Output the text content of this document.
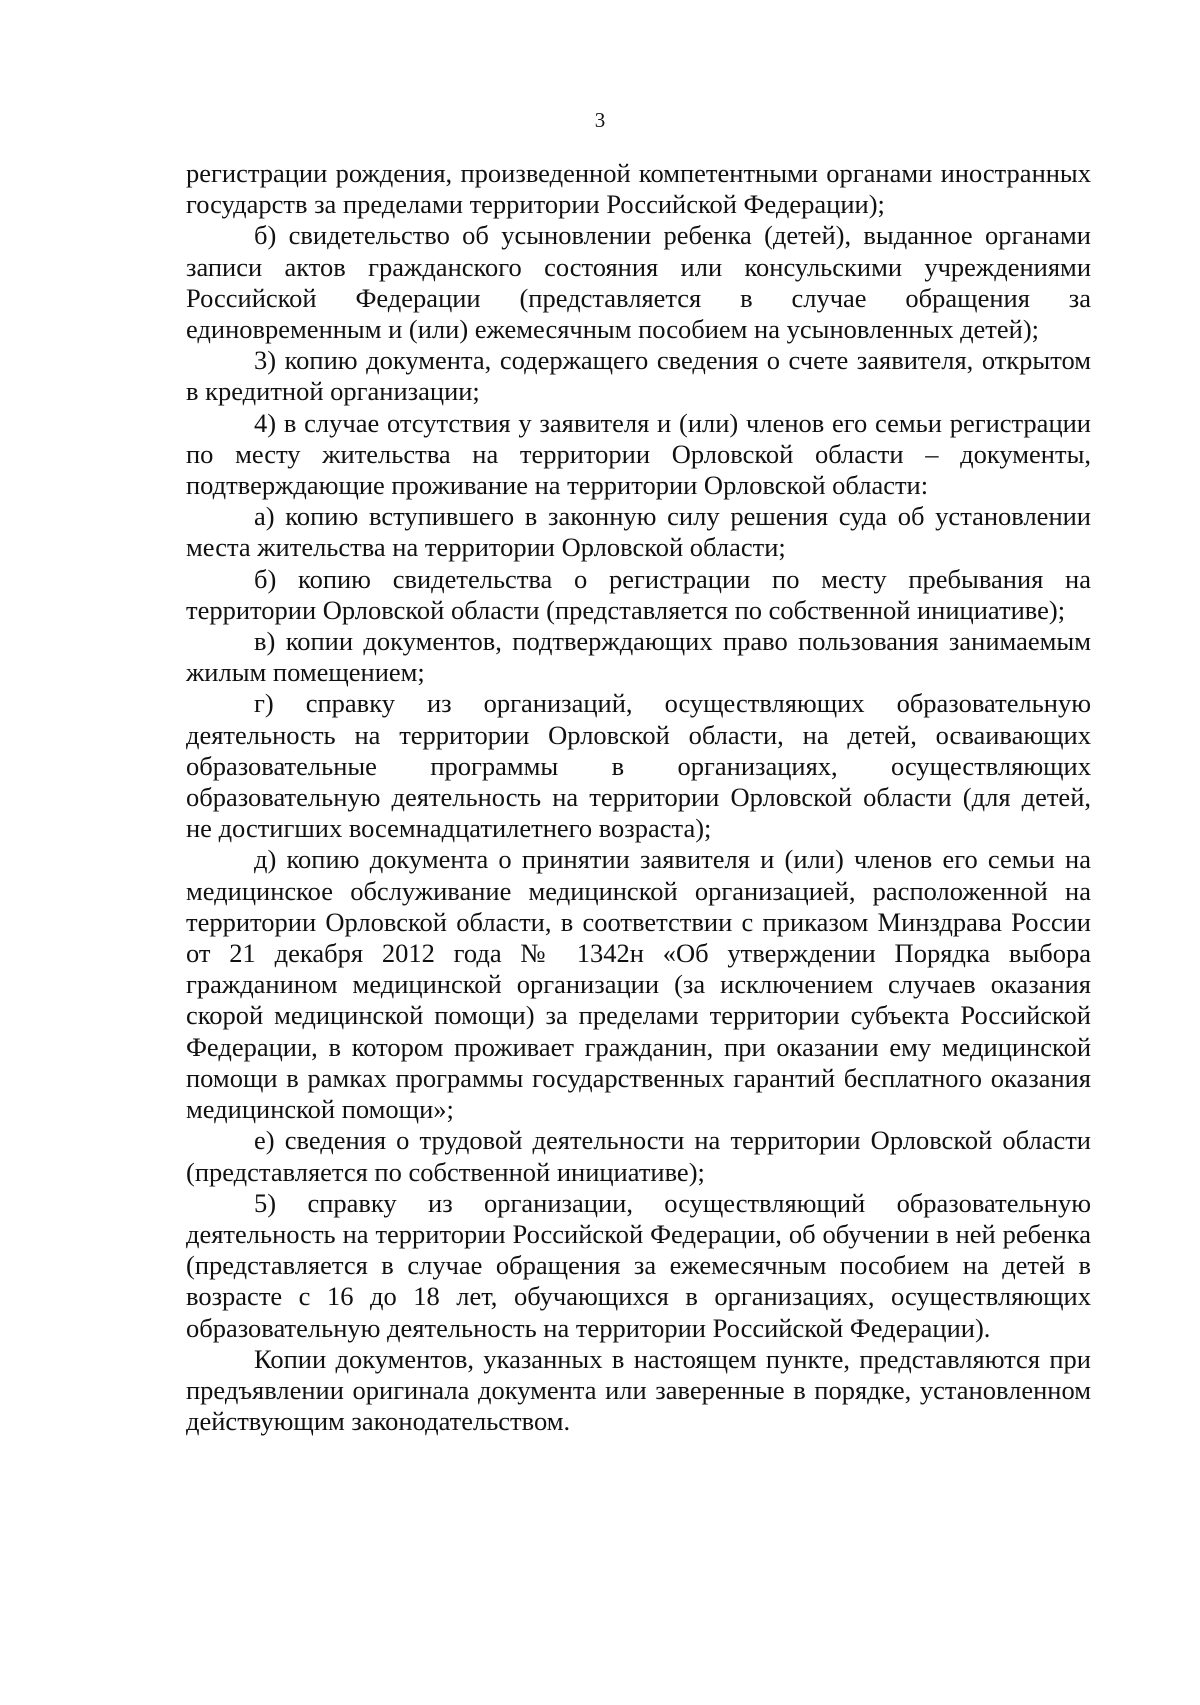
3

регистрации рождения, произведенной компетентными органами иностранных государств за пределами территории Российской Федерации);

б) свидетельство об усыновлении ребенка (детей), выданное органами записи актов гражданского состояния или консульскими учреждениями Российской Федерации (представляется в случае обращения за единовременным и (или) ежемесячным пособием на усыновленных детей);

3) копию документа, содержащего сведения о счете заявителя, открытом в кредитной организации;

4) в случае отсутствия у заявителя и (или) членов его семьи регистрации по месту жительства на территории Орловской области – документы, подтверждающие проживание на территории Орловской области:

а) копию вступившего в законную силу решения суда об установлении места жительства на территории Орловской области;

б) копию свидетельства о регистрации по месту пребывания на территории Орловской области (представляется по собственной инициативе);

в) копии документов, подтверждающих право пользования занимаемым жилым помещением;

г) справку из организаций, осуществляющих образовательную деятельность на территории Орловской области, на детей, осваивающих образовательные программы в организациях, осуществляющих образовательную деятельность на территории Орловской области (для детей, не достигших восемнадцатилетнего возраста);

д) копию документа о принятии заявителя и (или) членов его семьи на медицинское обслуживание медицинской организацией, расположенной на территории Орловской области, в соответствии с приказом Минздрава России от 21 декабря 2012 года № 1342н «Об утверждении Порядка выбора гражданином медицинской организации (за исключением случаев оказания скорой медицинской помощи) за пределами территории субъекта Российской Федерации, в котором проживает гражданин, при оказании ему медицинской помощи в рамках программы государственных гарантий бесплатного оказания медицинской помощи»;

е) сведения о трудовой деятельности на территории Орловской области (представляется по собственной инициативе);

5) справку из организации, осуществляющий образовательную деятельность на территории Российской Федерации, об обучении в ней ребенка (представляется в случае обращения за ежемесячным пособием на детей в возрасте с 16 до 18 лет, обучающихся в организациях, осуществляющих образовательную деятельность на территории Российской Федерации).

Копии документов, указанных в настоящем пункте, представляются при предъявлении оригинала документа или заверенные в порядке, установленном действующим законодательством.
